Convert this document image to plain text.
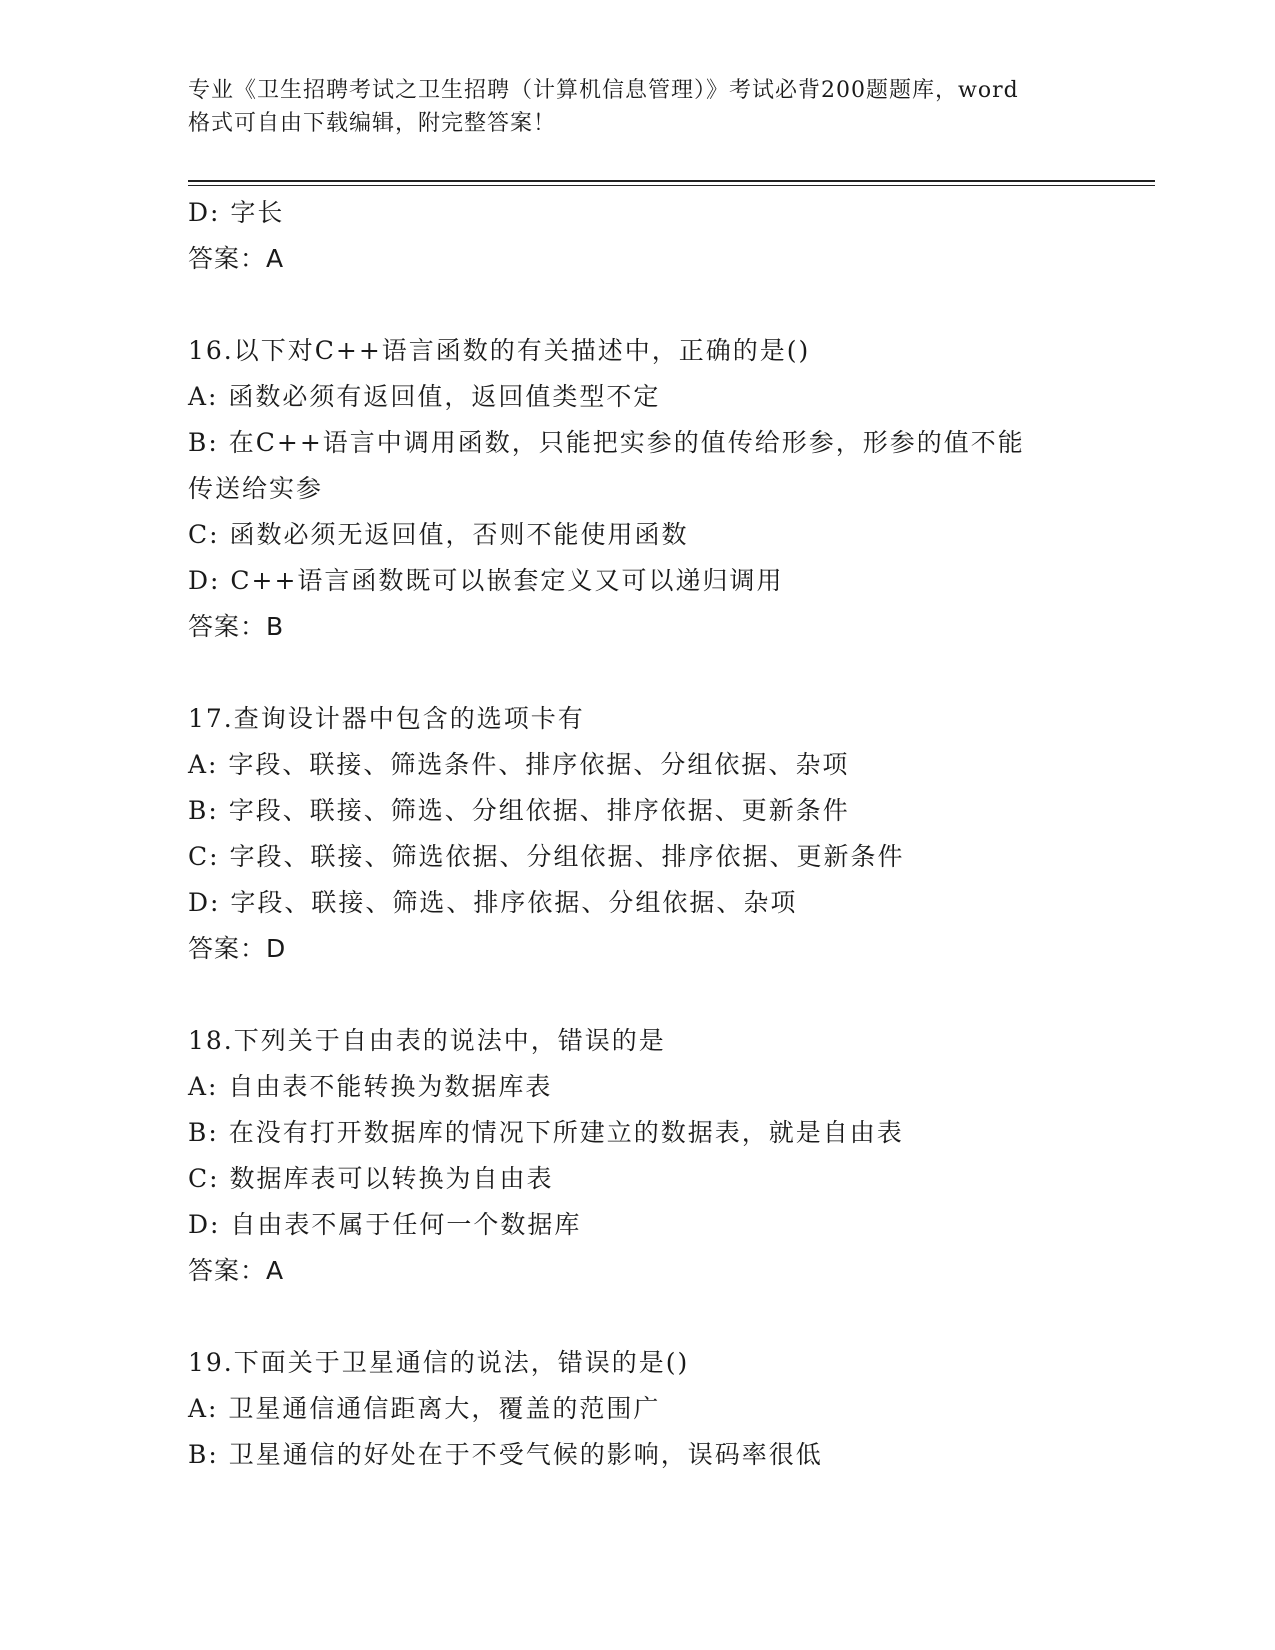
专业《卫生招聘考试之卫生招聘（计算机信息管理）》考试必背200题题库，word
格式可自由下载编辑，附完整答案！
D: 字长
答案：A
16.以下对C++语言函数的有关描述中，正确的是()
A: 函数必须有返回值，返回值类型不定
B: 在C++语言中调用函数，只能把实参的值传给形参，形参的值不能
传送给实参
C: 函数必须无返回值，否则不能使用函数
D: C++语言函数既可以嵌套定义又可以递归调用
答案：B
17.查询设计器中包含的选项卡有
A: 字段、联接、筛选条件、排序依据、分组依据、杂项
B: 字段、联接、筛选、分组依据、排序依据、更新条件
C: 字段、联接、筛选依据、分组依据、排序依据、更新条件
D: 字段、联接、筛选、排序依据、分组依据、杂项
答案：D
18.下列关于自由表的说法中，错误的是
A: 自由表不能转换为数据库表
B: 在没有打开数据库的情况下所建立的数据表，就是自由表
C: 数据库表可以转换为自由表
D: 自由表不属于任何一个数据库
答案：A
19.下面关于卫星通信的说法，错误的是()
A: 卫星通信通信距离大，覆盖的范围广
B: 卫星通信的好处在于不受气候的影响，误码率很低
